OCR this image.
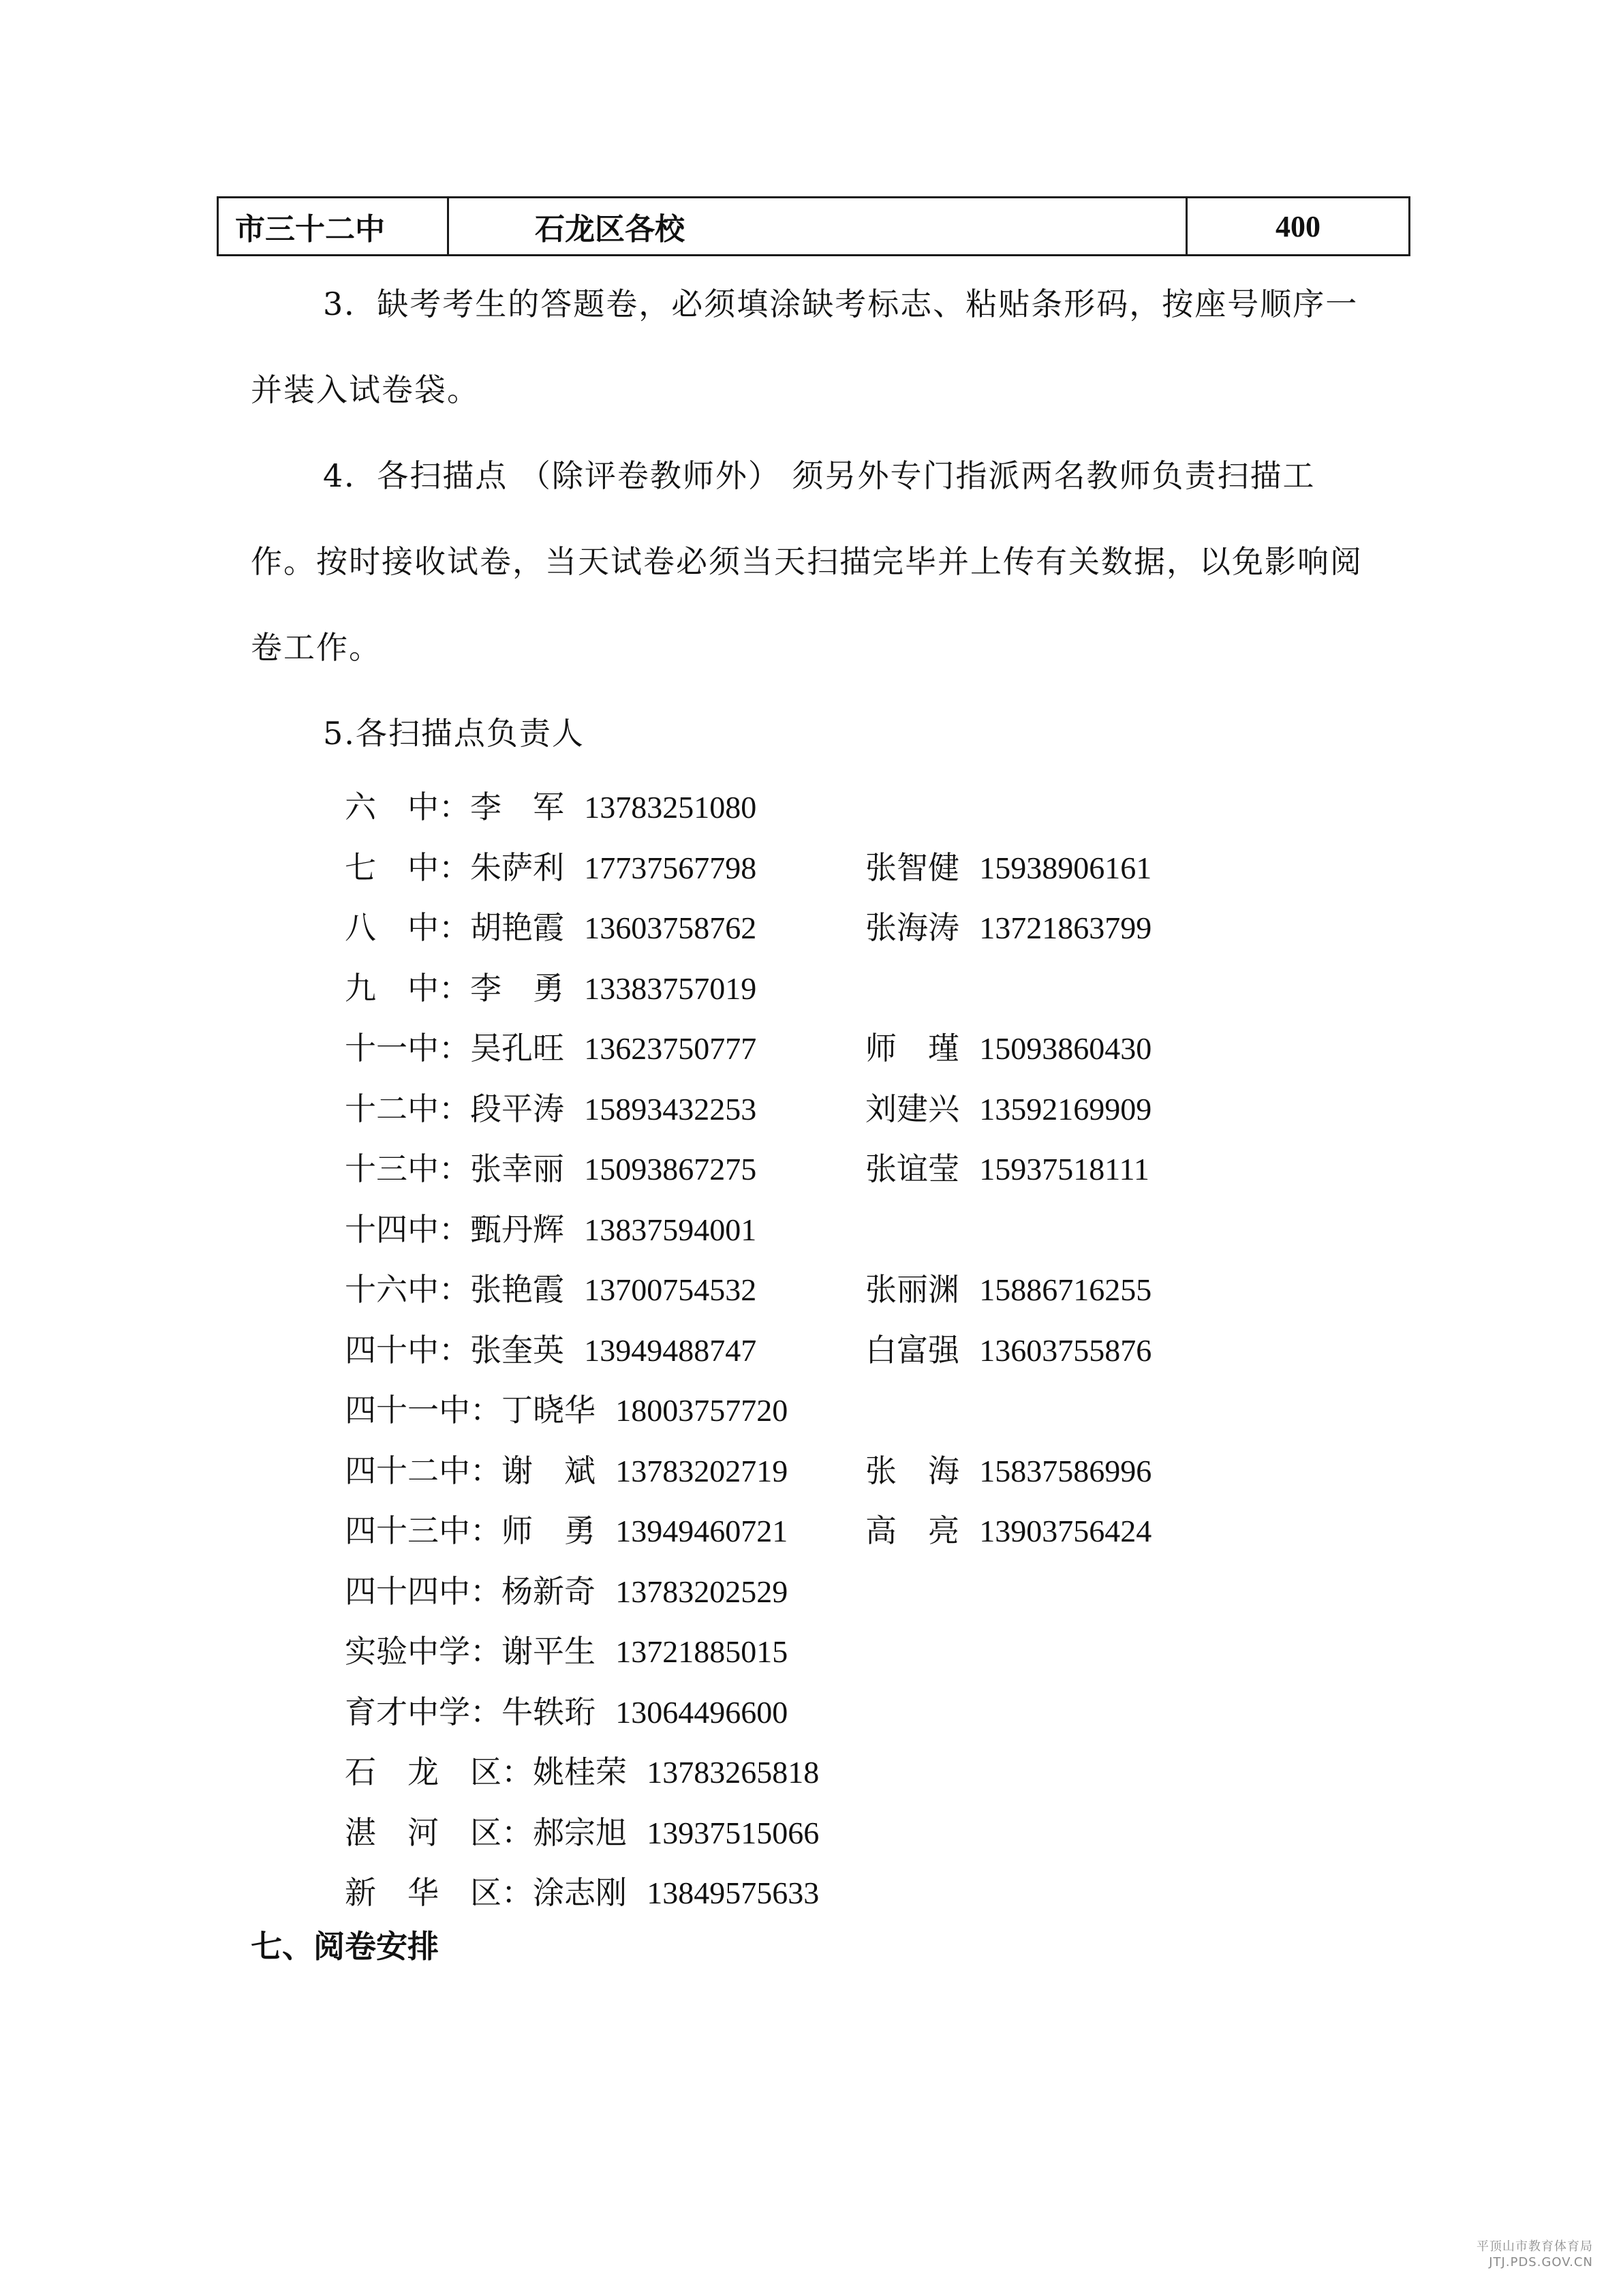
市三十二中	石龙区各校	400
3．缺考考生的答题卷，必须填涂缺考标志、粘贴条形码，按座号顺序一
并装入试卷袋。
4．各扫描点 （除评卷教师外） 须另外专门指派两名教师负责扫描工
作。按时接收试卷，当天试卷必须当天扫描完毕并上传有关数据，以免影响阅
卷工作。
5.各扫描点负责人
六　中：李　军 13783251080
七　中：朱萨利 17737567798	张智健 15938906161
八　中：胡艳霞 13603758762	张海涛 13721863799
九　中：李　勇 13383757019
十一中：吴孔旺 13623750777	师　瑾 15093860430
十二中：段平涛 15893432253	刘建兴 13592169909
十三中：张幸丽 15093867275	张谊莹 15937518111
十四中：甄丹辉 13837594001
十六中：张艳霞 13700754532	张丽渊 15886716255
四十中：张奎英 13949488747	白富强 13603755876
四十一中：丁晓华 18003757720
四十二中：谢　斌 13783202719 张　海 15837586996
四十三中：师　勇 13949460721 高　亮 13903756424
四十四中：杨新奇 13783202529
实验中学：谢平生 13721885015
育才中学：牛轶珩 13064496600
石　龙　区：姚桂荣 13783265818
湛　河　区：郝宗旭 13937515066
新　华　区：涂志刚 13849575633
七、阅卷安排
平顶山市教育体育局
JTJ.PDS.GOV.CN
